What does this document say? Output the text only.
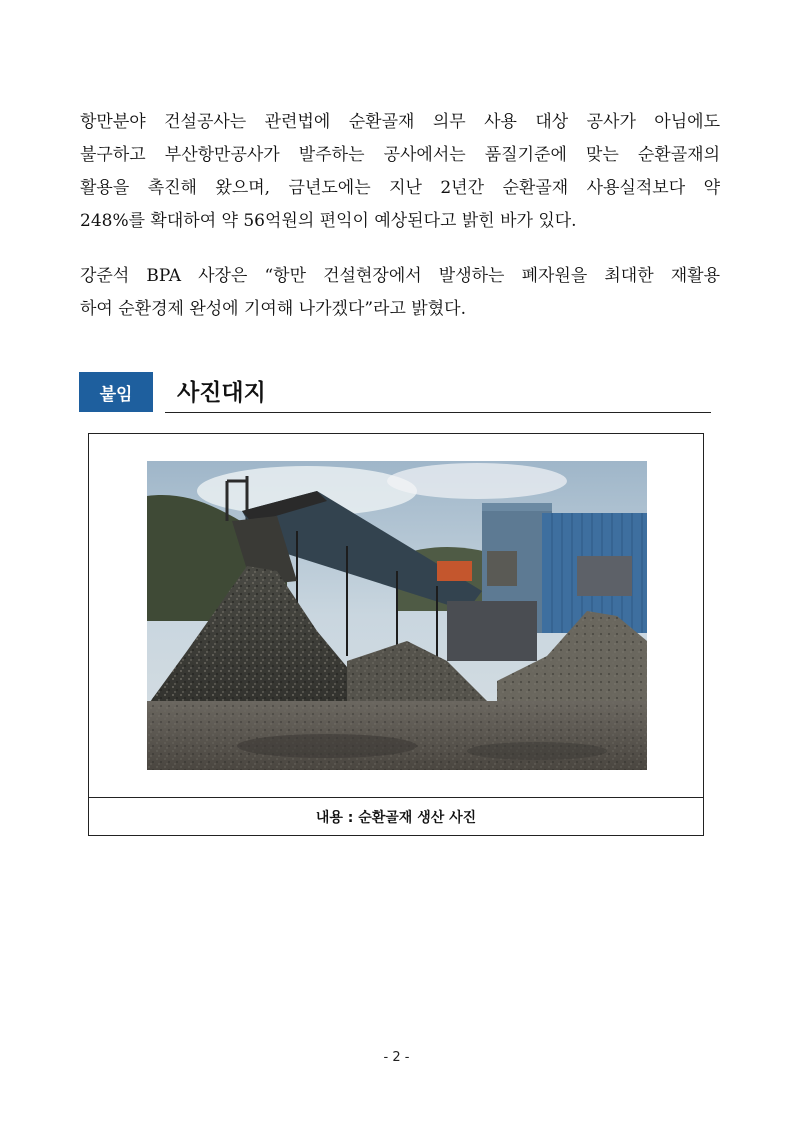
항만분야 건설공사는 관련법에 순환골재 의무 사용 대상 공사가 아님에도
불구하고 부산항만공사가 발주하는 공사에서는 품질기준에 맞는 순환골재의
활용을 촉진해 왔으며, 금년도에는 지난 2년간 순환골재 사용실적보다 약
248%를 확대하여 약 56억원의 편익이 예상된다고 밝힌 바가 있다.
강준석 BPA 사장은 “항만 건설현장에서 발생하는 폐자원을 최대한 재활용
하여 순환경제 완성에 기여해 나가겠다”라고 밝혔다.
붙임	사진대지
내용 : 순환골재 생산 사진
- 2 -
